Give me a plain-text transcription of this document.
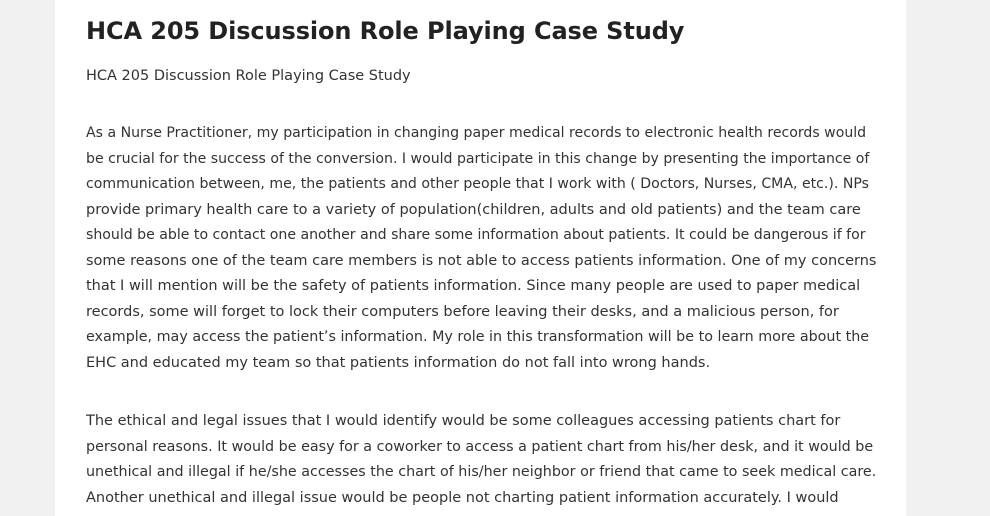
HCA 205 Discussion Role Playing Case Study
HCA 205 Discussion Role Playing Case Study
As a Nurse Practitioner, my participation in changing paper medical records to electronic health records would
be crucial for the success of the conversion. I would participate in this change by presenting the importance of
communication between, me, the patients and other people that I work with ( Doctors, Nurses, CMA, etc.). NPs
provide primary health care to a variety of population(children, adults and old patients) and the team care
should be able to contact one another and share some information about patients. It could be dangerous if for
some reasons one of the team care members is not able to access patients information. One of my concerns
that I will mention will be the safety of patients information. Since many people are used to paper medical
records, some will forget to lock their computers before leaving their desks, and a malicious person, for
example, may access the patient’s information. My role in this transformation will be to learn more about the
EHC and educated my team so that patients information do not fall into wrong hands.
The ethical and legal issues that I would identify would be some colleagues accessing patients chart for
personal reasons. It would be easy for a coworker to access a patient chart from his/her desk, and it would be
unethical and illegal if he/she accesses the chart of his/her neighbor or friend that came to seek medical care.
Another unethical and illegal issue would be people not charting patient information accurately. I would
